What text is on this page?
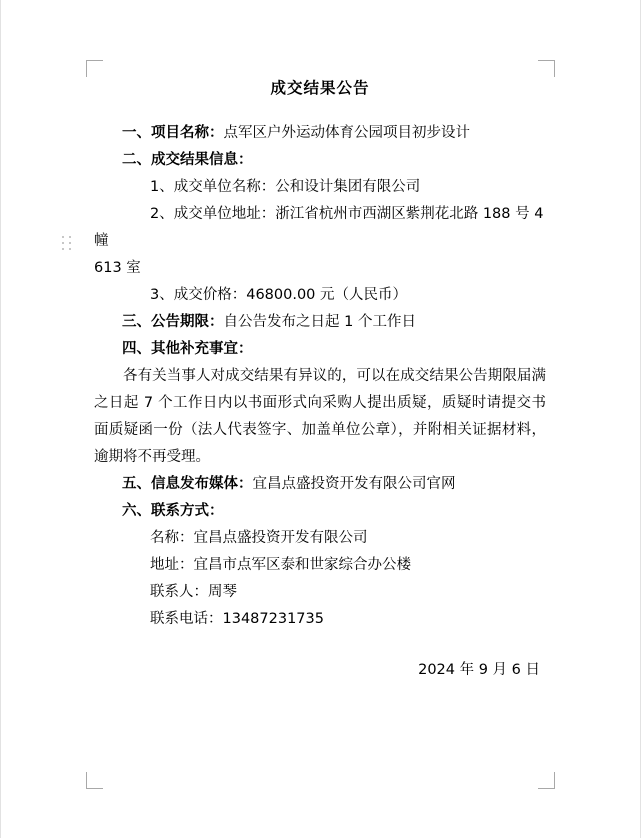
成交结果公告

一、项目名称：点军区户外运动体育公园项目初步设计

二、成交结果信息：

1、成交单位名称：公和设计集团有限公司

2、成交单位地址：浙江省杭州市西湖区紫荆花北路 188 号 4 幢

613 室

3、成交价格：46800.00 元（人民币）

三、公告期限：自公告发布之日起 1 个工作日

四、其他补充事宜：

各有关当事人对成交结果有异议的，可以在成交结果公告期限届满之日起 7 个工作日内以书面形式向采购人提出质疑，质疑时请提交书面质疑函一份（法人代表签字、加盖单位公章），并附相关证据材料，逾期将不再受理。

五、信息发布媒体：宜昌点盛投资开发有限公司官网

六、联系方式：

名称：宜昌点盛投资开发有限公司

地址：宜昌市点军区泰和世家综合办公楼

联系人：周琴

联系电话：13487231735

2024 年 9 月 6 日
